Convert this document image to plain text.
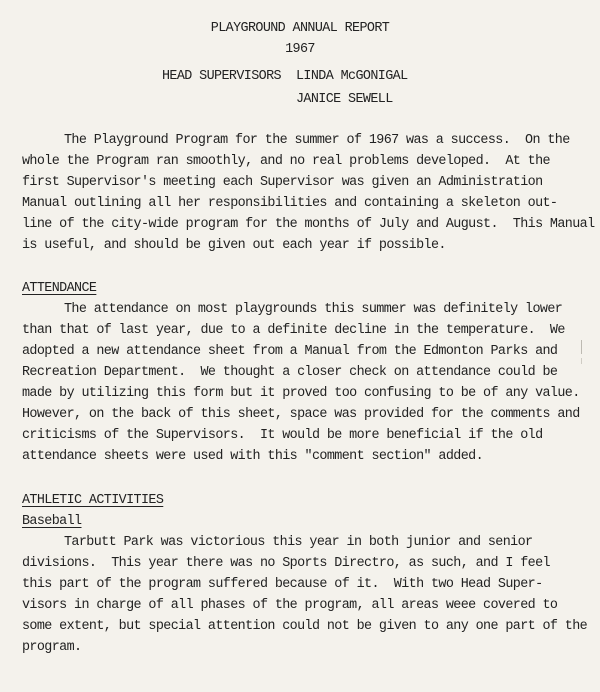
PLAYGROUND ANNUAL REPORT
1967
HEAD SUPERVISORS LINDA McGONIGAL
JANICE SEWELL
The Playground Program for the summer of 1967 was a success.  On the
whole the Program ran smoothly, and no real problems developed.  At the
first Supervisor's meeting each Supervisor was given an Administration
Manual outlining all her responsibilities and containing a skeleton out-
line of the city-wide program for the months of July and August.  This Manual
is useful, and should be given out each year if possible.
ATTENDANCE
The attendance on most playgrounds this summer was definitely lower
than that of last year, due to a definite decline in the temperature.  We
adopted a new attendance sheet from a Manual from the Edmonton Parks and
Recreation Department.  We thought a closer check on attendance could be
made by utilizing this form but it proved too confusing to be of any value.
However, on the back of this sheet, space was provided for the comments and
criticisms of the Supervisors.  It would be more beneficial if the old
attendance sheets were used with this "comment section" added.
ATHLETIC ACTIVITIES
Baseball
Tarbutt Park was victorious this year in both junior and senior
divisions.  This year there was no Sports Directro, as such, and I feel
this part of the program suffered because of it.  With two Head Super-
visors in charge of all phases of the program, all areas weee covered to
some extent, but special attention could not be given to any one part of the
program.
